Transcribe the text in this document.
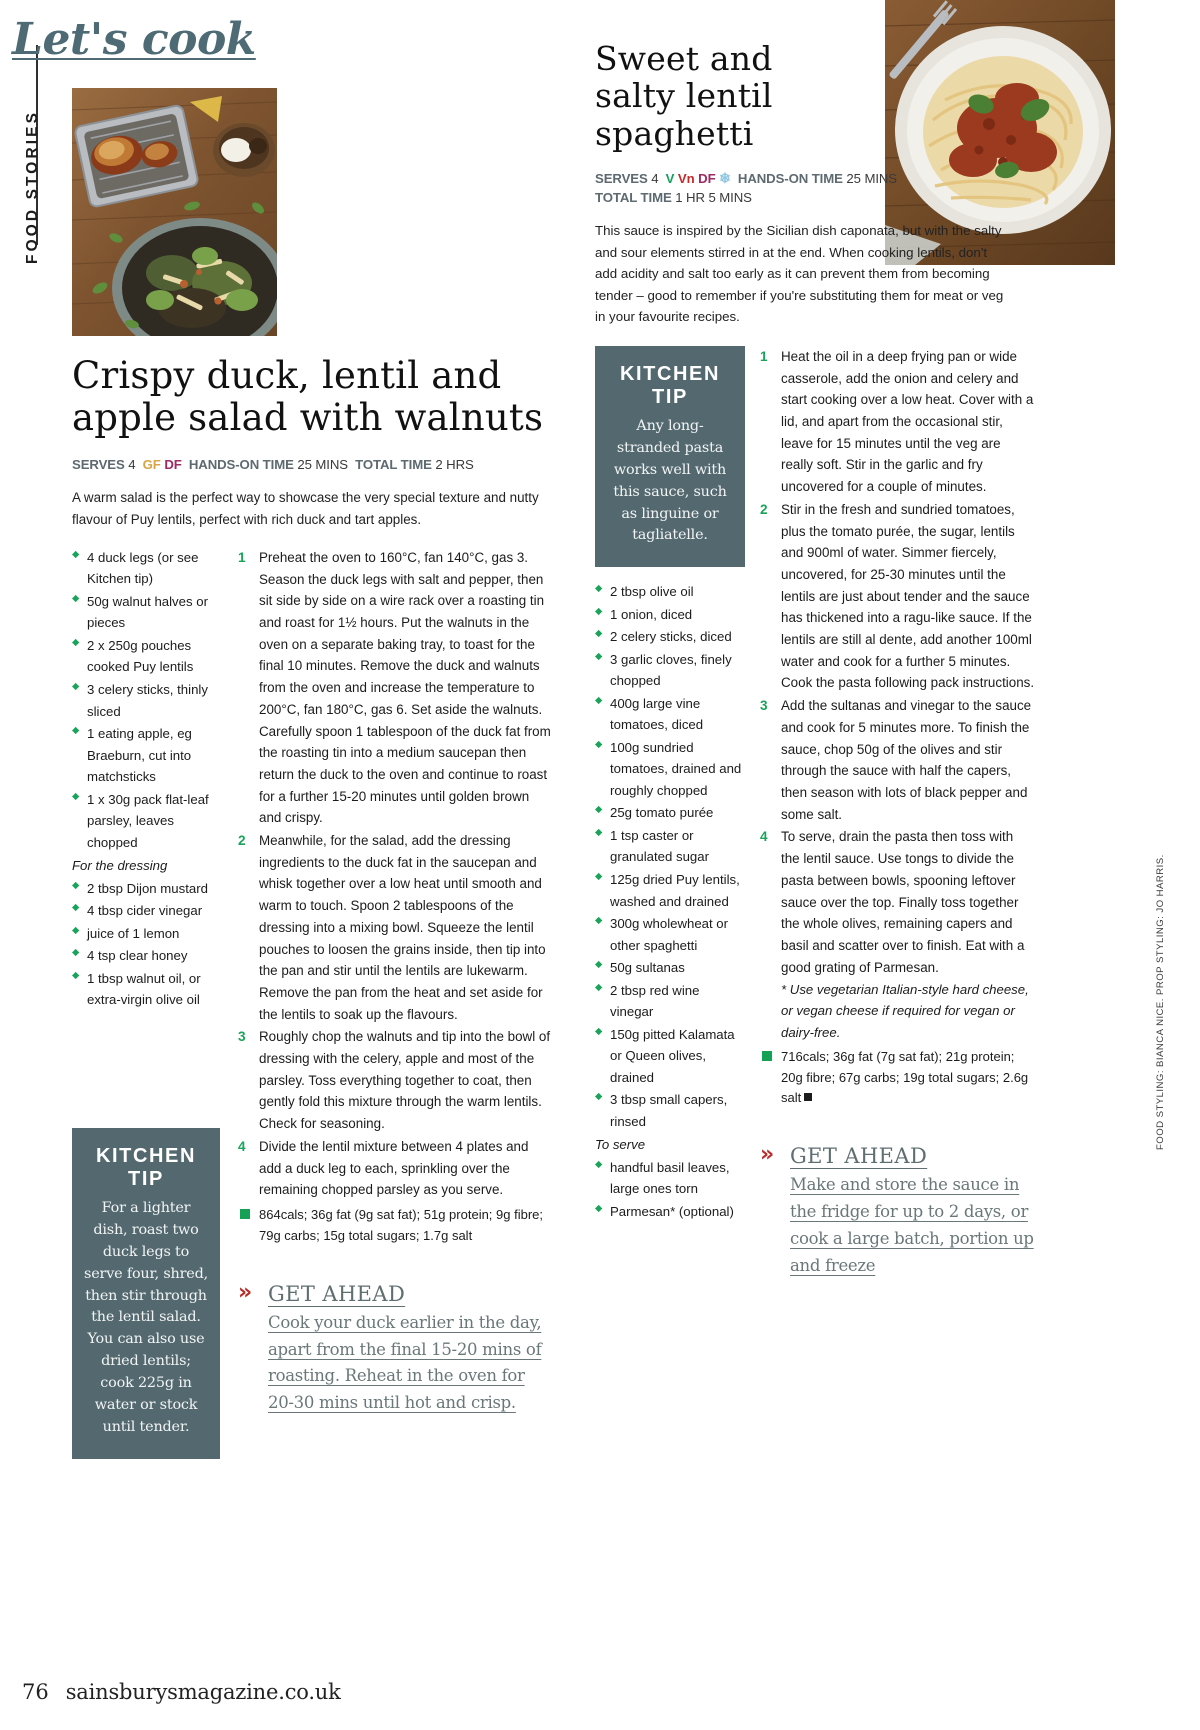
FOOD STORIES
Let's cook
Crispy duck, lentil and apple salad with walnuts
SERVES 4 GF DF HANDS-ON TIME 25 MINS TOTAL TIME 2 HRS

A warm salad is the perfect way to showcase the very special texture and nutty flavour of Puy lentils, perfect with rich duck and tart apples.

◆ 4 duck legs (or see Kitchen tip)
◆ 50g walnut halves or pieces
◆ 2 x 250g pouches cooked Puy lentils
◆ 3 celery sticks, thinly sliced
◆ 1 eating apple, eg Braeburn, cut into matchsticks
◆ 1 x 30g pack flat-leaf parsley, leaves chopped
For the dressing
◆ 2 tbsp Dijon mustard
◆ 4 tbsp cider vinegar
◆ juice of 1 lemon
◆ 4 tsp clear honey
◆ 1 tbsp walnut oil, or extra-virgin olive oil
Preheat the oven to 160°C, fan 140°C, gas 3. Season the duck legs with salt and pepper, then sit side by side on a wire rack over a roasting tin and roast for 1½ hours. Put the walnuts in the oven on a separate baking tray, to toast for the final 10 minutes. Remove the duck and walnuts from the oven and increase the temperature to 200°C, fan 180°C, gas 6. Set aside the walnuts. Carefully spoon 1 tablespoon of the duck fat from the roasting tin into a medium saucepan then return the duck to the oven and continue to roast for a further 15-20 minutes until golden brown and crispy.
Meanwhile, for the salad, add the dressing ingredients to the duck fat in the saucepan and whisk together over a low heat until smooth and warm to touch. Spoon 2 tablespoons of the dressing into a mixing bowl. Squeeze the lentil pouches to loosen the grains inside, then tip into the pan and stir until the lentils are lukewarm. Remove the pan from the heat and set aside for the lentils to soak up the flavours.
Roughly chop the walnuts and tip into the bowl of dressing with the celery, apple and most of the parsley. Toss everything together to coat, then gently fold this mixture through the warm lentils. Check for seasoning.
Divide the lentil mixture between 4 plates and add a duck leg to each, sprinkling over the remaining chopped parsley as you serve.
864cals; 36g fat (9g sat fat); 51g protein; 9g fibre; 79g carbs; 15g total sugars; 1.7g salt
» GET AHEAD
Cook your duck earlier in the day, apart from the final 15-20 mins of roasting. Reheat in the oven for 20-30 mins until hot and crisp.
KITCHEN
TIP
For a lighter dish, roast two duck legs to serve four, shred, then stir through the lentil salad. You can also use dried lentils; cook 225g in water or stock until tender.
Sweet and salty lentil spaghetti
SERVES 4 V Vn DF ❄ HANDS-ON TIME 25 MINS
TOTAL TIME 1 HR 5 MINS

This sauce is inspired by the Sicilian dish caponata, but with the salty and sour elements stirred in at the end. When cooking lentils, don't add acidity and salt too early as it can prevent them from becoming tender – good to remember if you're substituting them for meat or veg in your favourite recipes.

KITCHEN
TIP
Any long-stranded pasta works well with this sauce, such as linguine or tagliatelle.
◆ 2 tbsp olive oil
◆ 1 onion, diced
◆ 2 celery sticks, diced
◆ 3 garlic cloves, finely chopped
◆ 400g large vine tomatoes, diced
◆ 100g sundried tomatoes, drained and roughly chopped
◆ 25g tomato purée
◆ 1 tsp caster or granulated sugar
◆ 125g dried Puy lentils, washed and drained
◆ 300g wholewheat or other spaghetti
◆ 50g sultanas
◆ 2 tbsp red wine vinegar
◆ 150g pitted Kalamata or Queen olives, drained
◆ 3 tbsp small capers, rinsed
To serve
◆ handful basil leaves, large ones torn
◆ Parmesan* (optional)
Heat the oil in a deep frying pan or wide casserole, add the onion and celery and start cooking over a low heat. Cover with a lid, and apart from the occasional stir, leave for 15 minutes until the veg are really soft. Stir in the garlic and fry uncovered for a couple of minutes.
Stir in the fresh and sundried tomatoes, plus the tomato purée, the sugar, lentils and 900ml of water. Simmer fiercely, uncovered, for 25-30 minutes until the lentils are just about tender and the sauce has thickened into a ragu-like sauce. If the lentils are still al dente, add another 100ml water and cook for a further 5 minutes. Cook the pasta following pack instructions.
Add the sultanas and vinegar to the sauce and cook for 5 minutes more. To finish the sauce, chop 50g of the olives and stir through the sauce with half the capers, then season with lots of black pepper and some salt.
To serve, drain the pasta then toss with the lentil sauce. Use tongs to divide the pasta between bowls, spooning leftover sauce over the top. Finally toss together the whole olives, remaining capers and basil and scatter over to finish. Eat with a good grating of Parmesan.
* Use vegetarian Italian-style hard cheese, or vegan cheese if required for vegan or dairy-free.
716cals; 36g fat (7g sat fat); 21g protein; 20g fibre; 67g carbs; 19g total sugars; 2.6g salt
» GET AHEAD
Make and store the sauce in the fridge for up to 2 days, or cook a large batch, portion up and freeze
FOOD STYLING: BIANCA NICE. PROP STYLING: JO HARRIS.
76 sainsburysmagazine.co.uk
